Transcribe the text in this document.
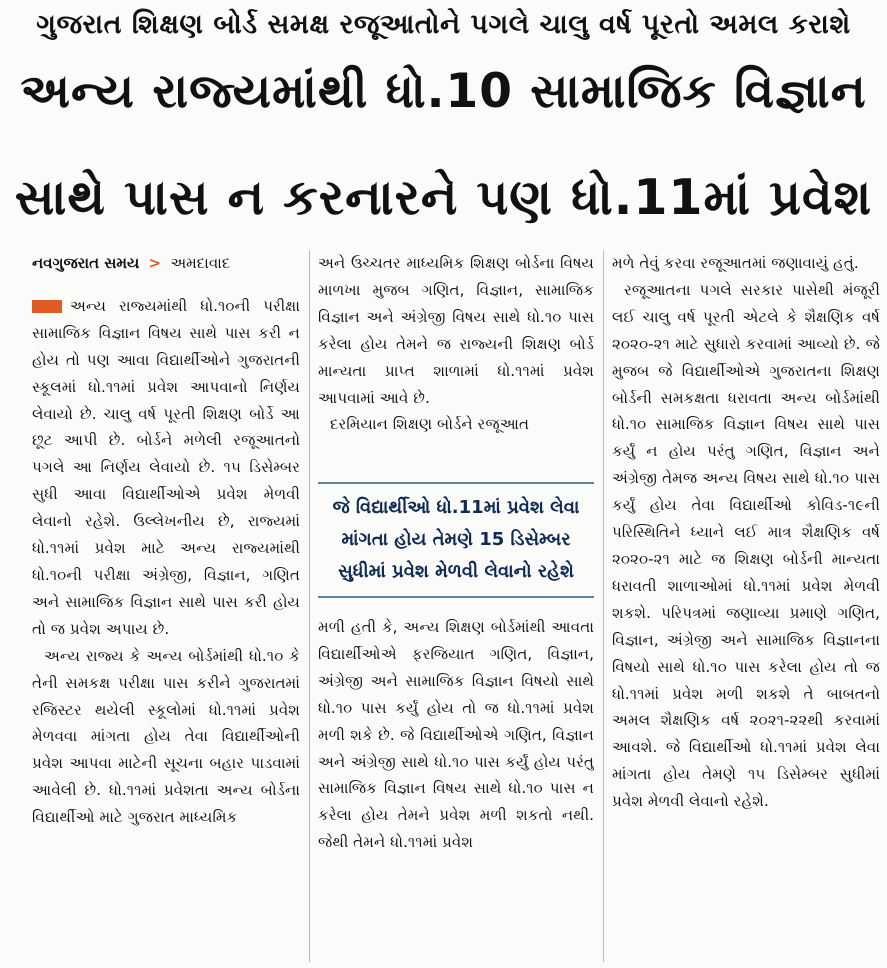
ગુજરાત શિક્ષણ બોર્ડ સમક્ષ રજૂઆતોને પગલે ચાલુ વર્ષ પૂરતો અમલ કરાશે
અન્ય રાજ્યમાંથી ધો.10 સામાજિક વિજ્ઞાન
સાથે પાસ ન કરનારને પણ ધો.11માં પ્રવેશ
નવગુજરાત સમય > અમદાવાદ

અન્ય રાજ્યમાંથી ધો.૧૦ની પરીક્ષા સામાજિક વિજ્ઞાન વિષય સાથે પાસ કરી ન હોય તો પણ આવા વિદ્યાર્થીઓને ગુજરાતની સ્કૂલમાં ધો.૧૧માં પ્રવેશ આપવાનો નિર્ણય લેવાયો છે. ચાલુ વર્ષ પૂરતી શિક્ષણ બોર્ડે આ છૂટ આપી છે. બોર્ડને મળેલી રજૂઆતનો પગલે આ નિર્ણય લેવાયો છે. ૧૫ ડિસેમ્બર સુધી આવા વિદ્યાર્થીઓએ પ્રવેશ મેળવી લેવાનો રહેશે. ઉલ્લેખનીય છે, રાજ્યમાં ધો.૧૧માં પ્રવેશ માટે અન્ય રાજ્યમાંથી ધો.૧૦ની પરીક્ષા અંગ્રેજી, વિજ્ઞાન, ગણિત અને સામાજિક વિજ્ઞાન સાથે પાસ કરી હોય તો જ પ્રવેશ અપાય છે.

અન્ય રાજ્ય કે અન્ય બોર્ડમાંથી ધો.૧૦ કે તેની સમકક્ષ પરીક્ષા પાસ કરીને ગુજરાતમાં રજિસ્ટર થયેલી સ્કૂલોમાં ધો.૧૧માં પ્રવેશ મેળવવા માંગતા હોય તેવા વિદ્યાર્થીઓની પ્રવેશ આપવા માટેની સૂચના બહાર પાડવામાં આવેલી છે. ધો.૧૧માં પ્રવેશતા અન્ય બોર્ડના વિદ્યાર્થીઓ માટે ગુજરાત માધ્યમિક

અને ઉચ્ચતર માધ્યમિક શિક્ષણ બોર્ડના વિષય માળખા મુજબ ગણિત, વિજ્ઞાન, સામાજિક વિજ્ઞાન અને અંગ્રેજી વિષય સાથે ધો.૧૦ પાસ કરેલા હોય તેમને જ રાજ્યની શિક્ષણ બોર્ડ માન્યતા પ્રાપ્ત શાળામાં ધો.૧૧માં પ્રવેશ આપવામાં આવે છે.

દરમિયાન શિક્ષણ બોર્ડને રજૂઆત

જે વિદ્યાર્થીઓ ધો.11માં પ્રવેશ લેવા માંગતા હોય તેમણે 15 ડિસેમ્બર સુધીમાં પ્રવેશ મેળવી લેવાનો રહેશે

મળી હતી કે, અન્ય શિક્ષણ બોર્ડમાંથી આવતા વિદ્યાર્થીઓએ ફરજિયાત ગણિત, વિજ્ઞાન, અંગ્રેજી અને સામાજિક વિજ્ઞાન વિષયો સાથે ધો.૧૦ પાસ કર્યું હોય તો જ ધો.૧૧માં પ્રવેશ મળી શકે છે. જે વિદ્યાર્થીઓએ ગણિત, વિજ્ઞાન અને અંગ્રેજી સાથે ધો.૧૦ પાસ કર્યું હોય પરંતુ સામાજિક વિજ્ઞાન વિષય સાથે ધો.૧૦ પાસ ન કરેલા હોય તેમને પ્રવેશ મળી શકતો નથી. જેથી તેમને ધો.૧૧માં પ્રવેશ

મળે તેવું કરવા રજૂઆતમાં જણાવાયું હતું.

રજૂઆતના પગલે સરકાર પાસેથી મંજૂરી લઈ ચાલુ વર્ષ પૂરતી એટલે કે શૈક્ષણિક વર્ષ ૨૦૨૦-૨૧ માટે સુધારો કરવામાં આવ્યો છે. જે મુજબ જે વિદ્યાર્થીઓએ ગુજરાતના શિક્ષણ બોર્ડની સમકક્ષતા ધરાવતા અન્ય બોર્ડમાંથી ધો.૧૦ સામાજિક વિજ્ઞાન વિષય સાથે પાસ કર્યું ન હોય પરંતુ ગણિત, વિજ્ઞાન અને અંગ્રેજી તેમજ અન્ય વિષય સાથે ધો.૧૦ પાસ કર્યું હોય તેવા વિદ્યાર્થીઓ કોવિડ-૧૯ની પરિસ્થિતિને ધ્યાને લઈ માત્ર શૈક્ષણિક વર્ષ ૨૦૨૦-૨૧ માટે જ શિક્ષણ બોર્ડની માન્યતા ધરાવતી શાળાઓમાં ધો.૧૧માં પ્રવેશ મેળવી શકશે. પરિપત્રમાં જણાવ્યા પ્રમાણે ગણિત, વિજ્ઞાન, અંગ્રેજી અને સામાજિક વિજ્ઞાનના વિષયો સાથે ધો.૧૦ પાસ કરેલા હોય તો જ ધો.૧૧માં પ્રવેશ મળી શકશે તે બાબતનો અમલ શૈક્ષણિક વર્ષ ૨૦૨૧-૨૨થી કરવામાં આવશે. જે વિદ્યાર્થીઓ ધો.૧૧માં પ્રવેશ લેવા માંગતા હોય તેમણે ૧૫ ડિસેમ્બર સુધીમાં પ્રવેશ મેળવી લેવાનો રહેશે.
